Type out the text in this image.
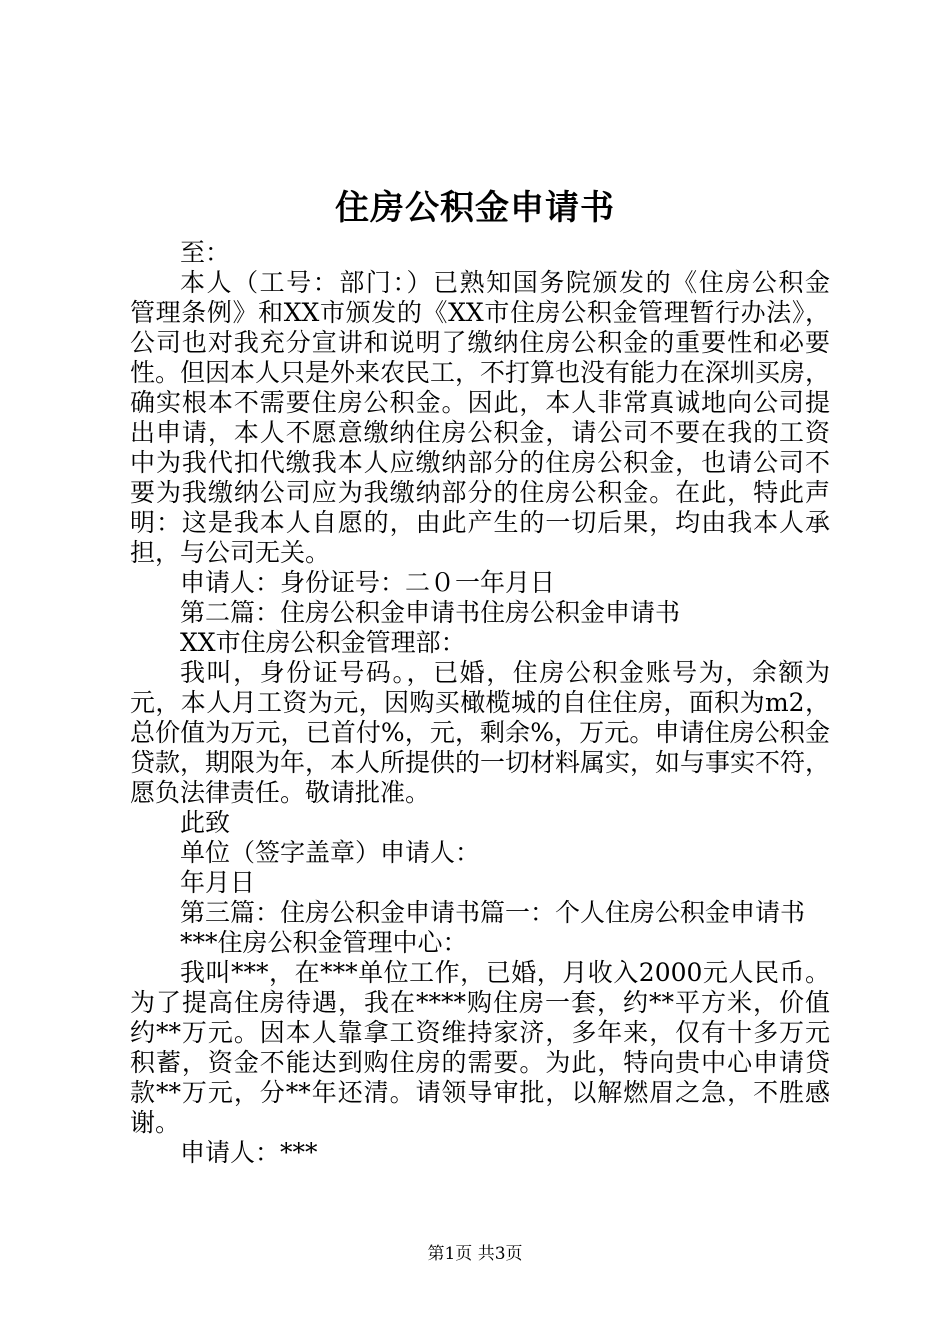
住房公积金申请书
至：
本人（工号：部门：）已熟知国务院颁发的《住房公积金
管理条例》和XX市颁发的《XX市住房公积金管理暂行办法》，
公司也对我充分宣讲和说明了缴纳住房公积金的重要性和必要
性。但因本人只是外来农民工，不打算也没有能力在深圳买房，
确实根本不需要住房公积金。因此，本人非常真诚地向公司提
出申请，本人不愿意缴纳住房公积金，请公司不要在我的工资
中为我代扣代缴我本人应缴纳部分的住房公积金，也请公司不
要为我缴纳公司应为我缴纳部分的住房公积金。在此，特此声
明：这是我本人自愿的，由此产生的一切后果，均由我本人承
担，与公司无关。
申请人：身份证号：二０一年月日
第二篇：住房公积金申请书住房公积金申请书
XX市住房公积金管理部：
我叫，身份证号码。，已婚，住房公积金账号为，余额为
元，本人月工资为元，因购买橄榄城的自住住房，面积为m2，
总价值为万元，已首付%，元，剩余%，万元。申请住房公积金
贷款，期限为年，本人所提供的一切材料属实，如与事实不符，
愿负法律责任。敬请批准。
此致
单位（签字盖章）申请人：
年月日
第三篇：住房公积金申请书篇一：个人住房公积金申请书
***住房公积金管理中心：
我叫***，在***单位工作，已婚，月收入2000元人民币。
为了提高住房待遇，我在****购住房一套，约**平方米，价值
约**万元。因本人靠拿工资维持家济，多年来，仅有十多万元
积蓄，资金不能达到购住房的需要。为此，特向贵中心申请贷
款**万元，分**年还清。请领导审批，以解燃眉之急，不胜感
谢。
申请人：***
第1页 共3页
